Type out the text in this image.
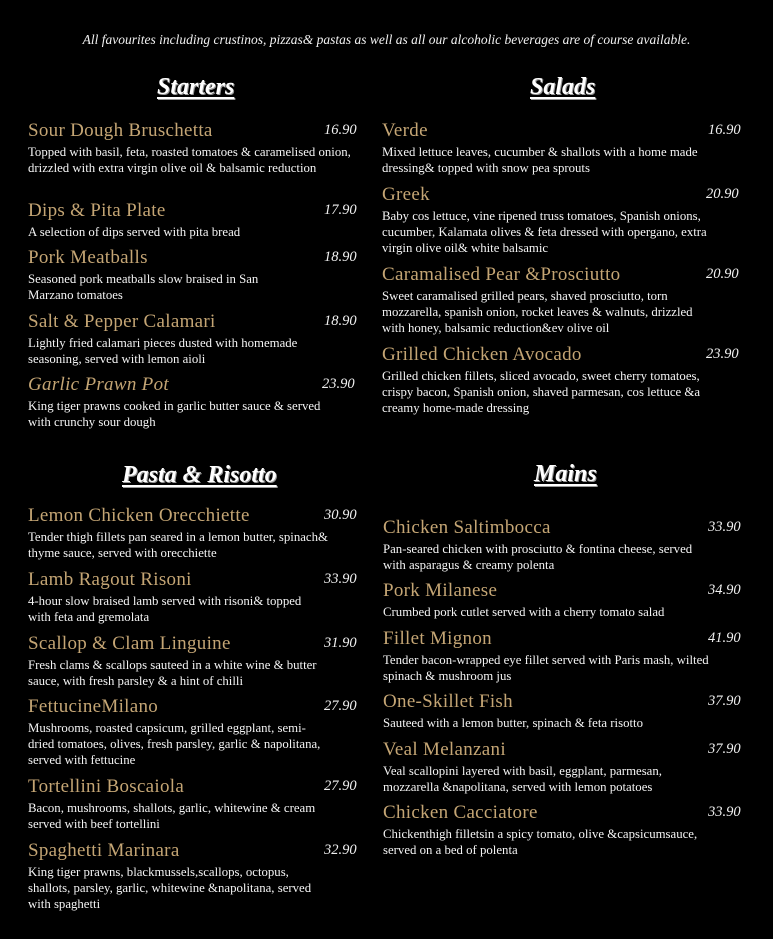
All favourites including crustinos, pizzas& pastas as well as all our alcoholic beverages are of course available.
Starters	Salads
Pasta & Risotto	Mains
Sour Dough Bruschetta	16.90
Topped with basil, feta, roasted tomatoes & caramelised onion, drizzled with extra virgin olive oil & balsamic reduction
Dips & Pita Plate	17.90
A selection of dips served with pita bread
Pork Meatballs	18.90
Seasoned pork meatballs slow braised in San Marzano tomatoes
Salt & Pepper Calamari	18.90
Lightly fried calamari pieces dusted with homemade seasoning, served with lemon aioli
Garlic Prawn Pot	23.90
King tiger prawns cooked in garlic butter sauce & served with crunchy sour dough
Verde	16.90
Mixed lettuce leaves, cucumber & shallots with a home made dressing& topped with snow pea sprouts
Greek	20.90
Baby cos lettuce, vine ripened truss tomatoes, Spanish onions, cucumber, Kalamata olives & feta dressed with opergano, extra virgin olive oil& white balsamic
Caramalised Pear &Prosciutto	20.90
Sweet caramalised grilled pears, shaved prosciutto, torn mozzarella, spanish onion, rocket leaves & walnuts, drizzled with honey, balsamic reduction&ev olive oil
Grilled Chicken Avocado	23.90
Grilled chicken fillets, sliced avocado, sweet cherry tomatoes, crispy bacon, Spanish onion, shaved parmesan, cos lettuce &a creamy home-made dressing
Lemon Chicken Orecchiette	30.90
Tender thigh fillets pan seared in a lemon butter, spinach& thyme sauce, served with orecchiette
Lamb Ragout Risoni	33.90
4-hour slow braised lamb served with risoni& topped with feta and gremolata
Scallop & Clam Linguine	31.90
Fresh clams & scallops sauteed in a white wine & butter sauce, with fresh parsley & a hint of chilli
FettucineMilano	27.90
Mushrooms, roasted capsicum, grilled eggplant, semi-dried tomatoes, olives, fresh parsley, garlic & napolitana, served with fettucine
Tortellini Boscaiola	27.90
Bacon, mushrooms, shallots, garlic, whitewine & cream served with beef tortellini
Spaghetti Marinara	32.90
King tiger prawns, blackmussels,scallops, octopus, shallots, parsley, garlic, whitewine &napolitana, served with spaghetti
Chicken Saltimbocca	33.90
Pan-seared chicken with prosciutto & fontina cheese, served with asparagus & creamy polenta
Pork Milanese	34.90
Crumbed pork cutlet served with a cherry tomato salad
Fillet Mignon	41.90
Tender bacon-wrapped eye fillet served with Paris mash, wilted spinach & mushroom jus
One-Skillet Fish	37.90
Sauteed with a lemon butter, spinach & feta risotto
Veal Melanzani	37.90
Veal scallopini layered with basil, eggplant, parmesan, mozzarella &napolitana, served with lemon potatoes
Chicken Cacciatore	33.90
Chickenthigh filletsin a spicy tomato, olive &capsicumsauce, served on a bed of polenta
